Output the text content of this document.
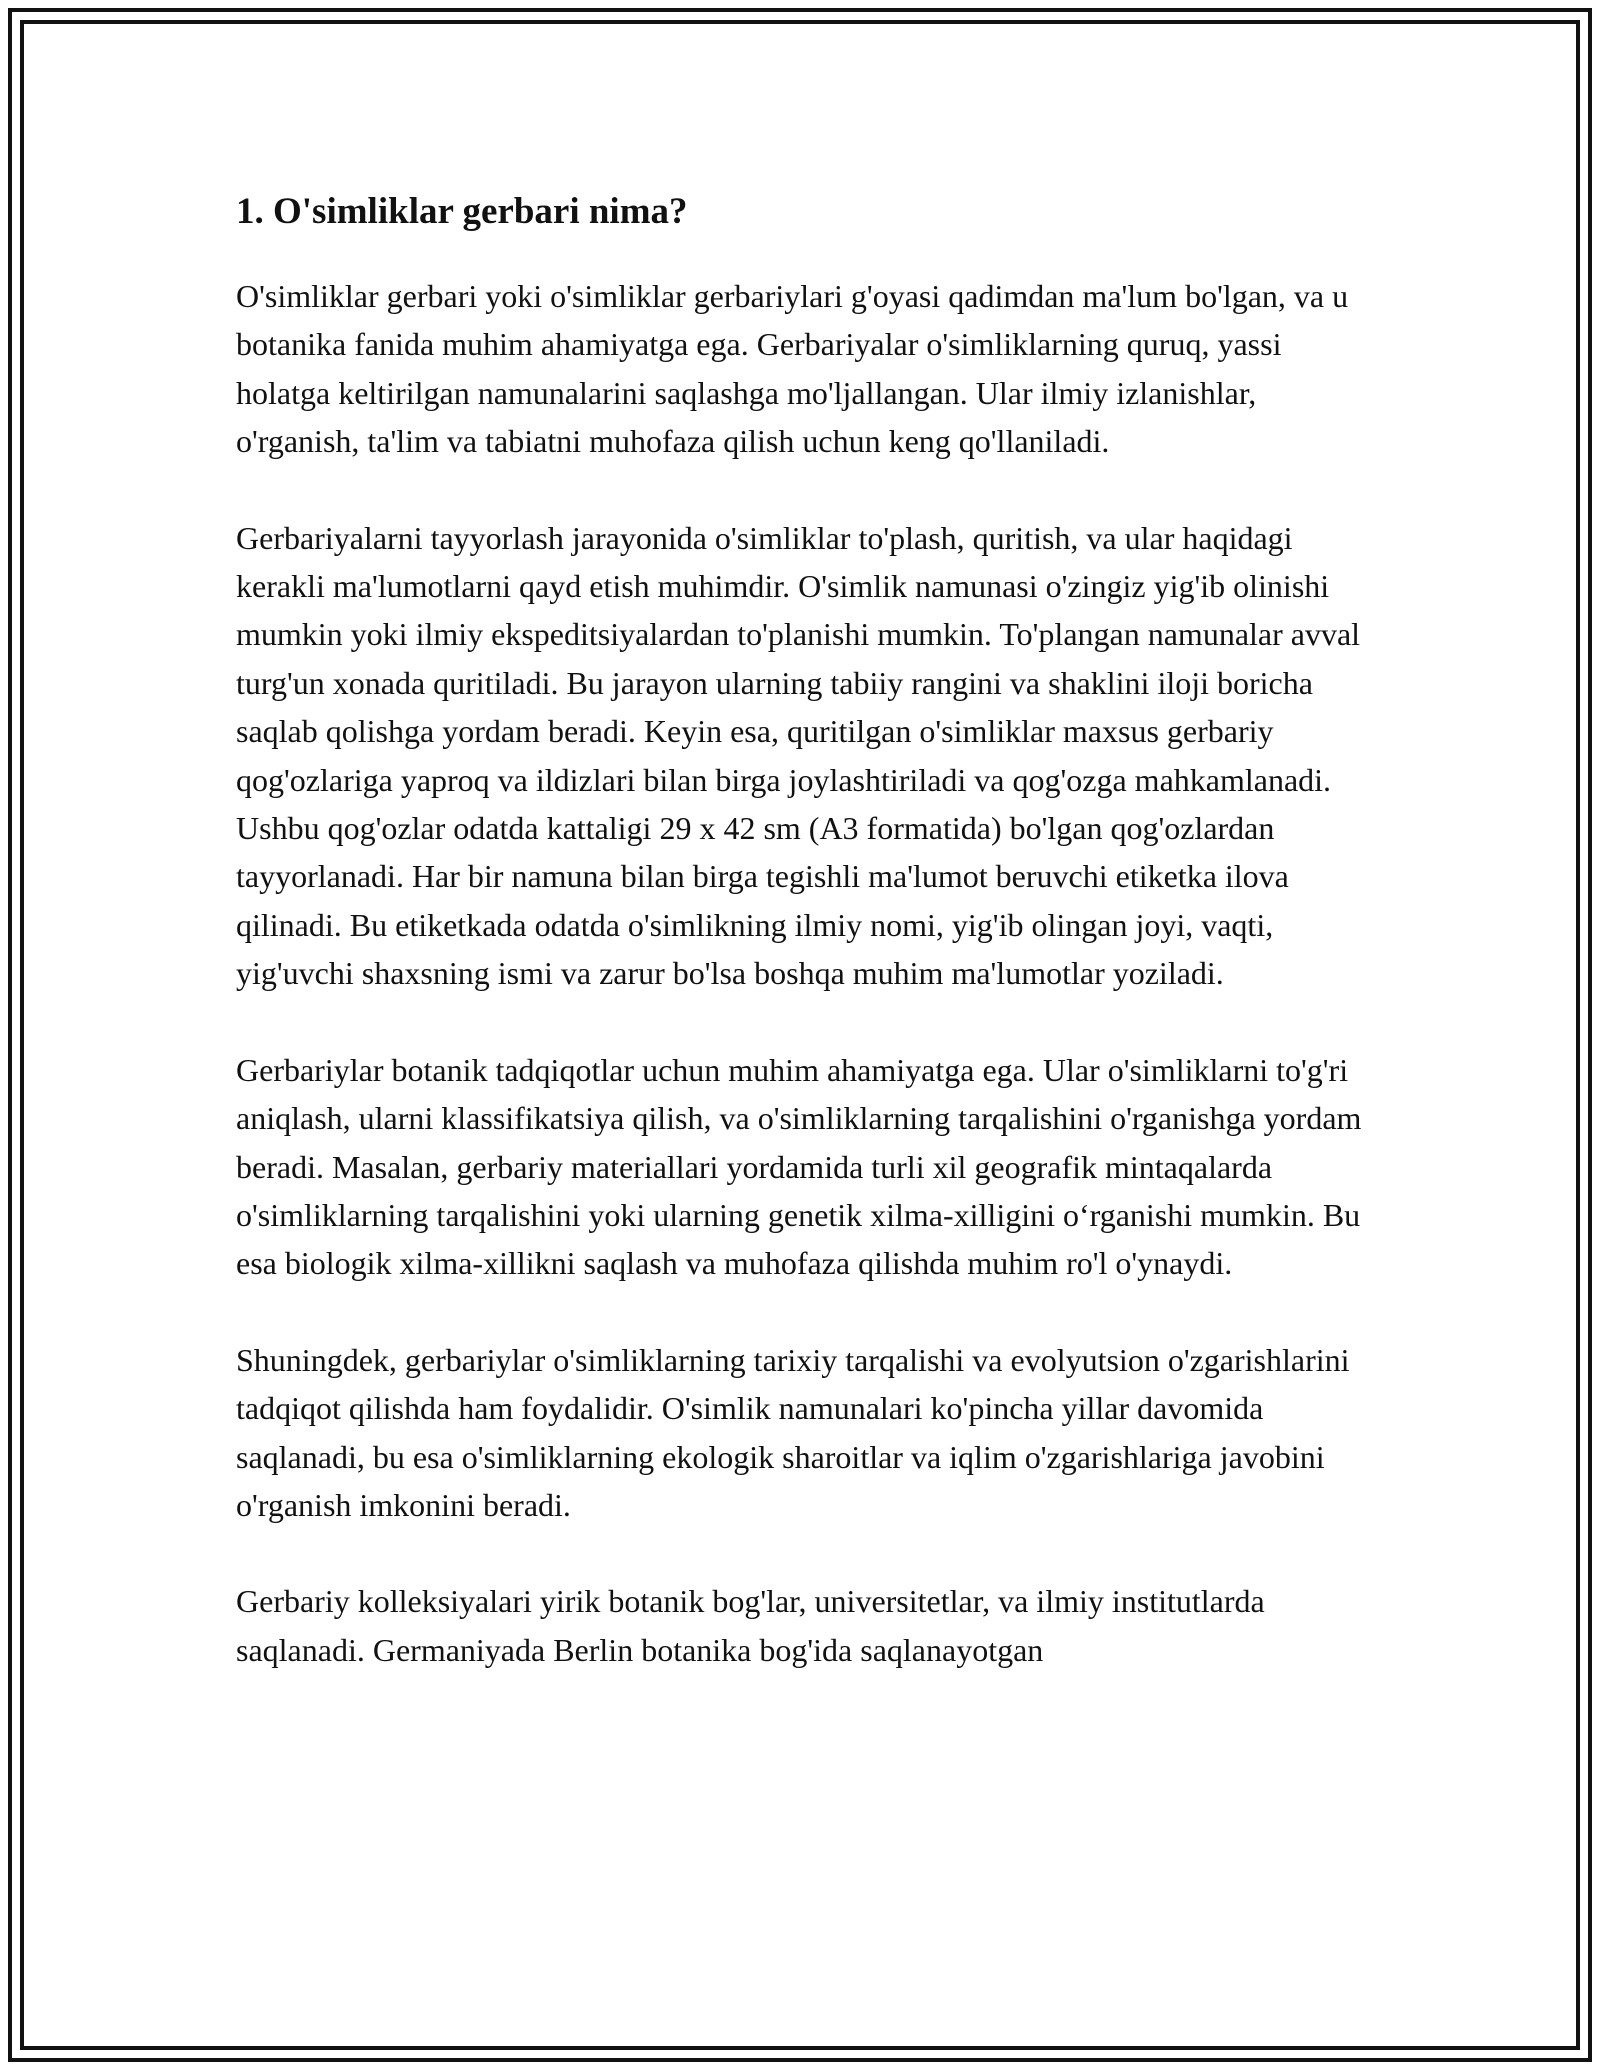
1. O'simliklar gerbari nima?

O'simliklar gerbari yoki o'simliklar gerbariylari g'oyasi qadimdan ma'lum bo'lgan, va u botanika fanida muhim ahamiyatga ega. Gerbariyalar o'simliklarning quruq, yassi holatga keltirilgan namunalarini saqlashga mo'ljallangan. Ular ilmiy izlanishlar, o'rganish, ta'lim va tabiatni muhofaza qilish uchun keng qo'llaniladi.

Gerbariyalarni tayyorlash jarayonida o'simliklar to'plash, quritish, va ular haqidagi kerakli ma'lumotlarni qayd etish muhimdir. O'simlik namunasi o'zingiz yig'ib olinishi mumkin yoki ilmiy ekspeditsiyalardan to'planishi mumkin. To'plangan namunalar avval turg'un xonada quritiladi. Bu jarayon ularning tabiiy rangini va shaklini iloji boricha saqlab qolishga yordam beradi. Keyin esa, quritilgan o'simliklar maxsus gerbariy qog'ozlariga yaproq va ildizlari bilan birga joylashtiriladi va qog'ozga mahkamlanadi. Ushbu qog'ozlar odatda kattaligi 29 x 42 sm (A3 formatida) bo'lgan qog'ozlardan tayyorlanadi. Har bir namuna bilan birga tegishli ma'lumot beruvchi etiketka ilova qilinadi. Bu etiketkada odatda o'simlikning ilmiy nomi, yig'ib olingan joyi, vaqti, yig'uvchi shaxsning ismi va zarur bo'lsa boshqa muhim ma'lumotlar yoziladi.

Gerbariylar botanik tadqiqotlar uchun muhim ahamiyatga ega. Ular o'simliklarni to'g'ri aniqlash, ularni klassifikatsiya qilish, va o'simliklarning tarqalishini o'rganishga yordam beradi. Masalan, gerbariy materiallari yordamida turli xil geografik mintaqalarda o'simliklarning tarqalishini yoki ularning genetik xilma-xilligini o‘rganishi mumkin. Bu esa biologik xilma-xillikni saqlash va muhofaza qilishda muhim ro'l o'ynaydi.

Shuningdek, gerbariylar o'simliklarning tarixiy tarqalishi va evolyutsion o'zgarishlarini tadqiqot qilishda ham foydalidir. O'simlik namunalari ko'pincha yillar davomida saqlanadi, bu esa o'simliklarning ekologik sharoitlar va iqlim o'zgarishlariga javobini o'rganish imkonini beradi.

Gerbariy kolleksiyalari yirik botanik bog'lar, universitetlar, va ilmiy institutlarda saqlanadi. Germaniyada Berlin botanika bog'ida saqlanayotgan
